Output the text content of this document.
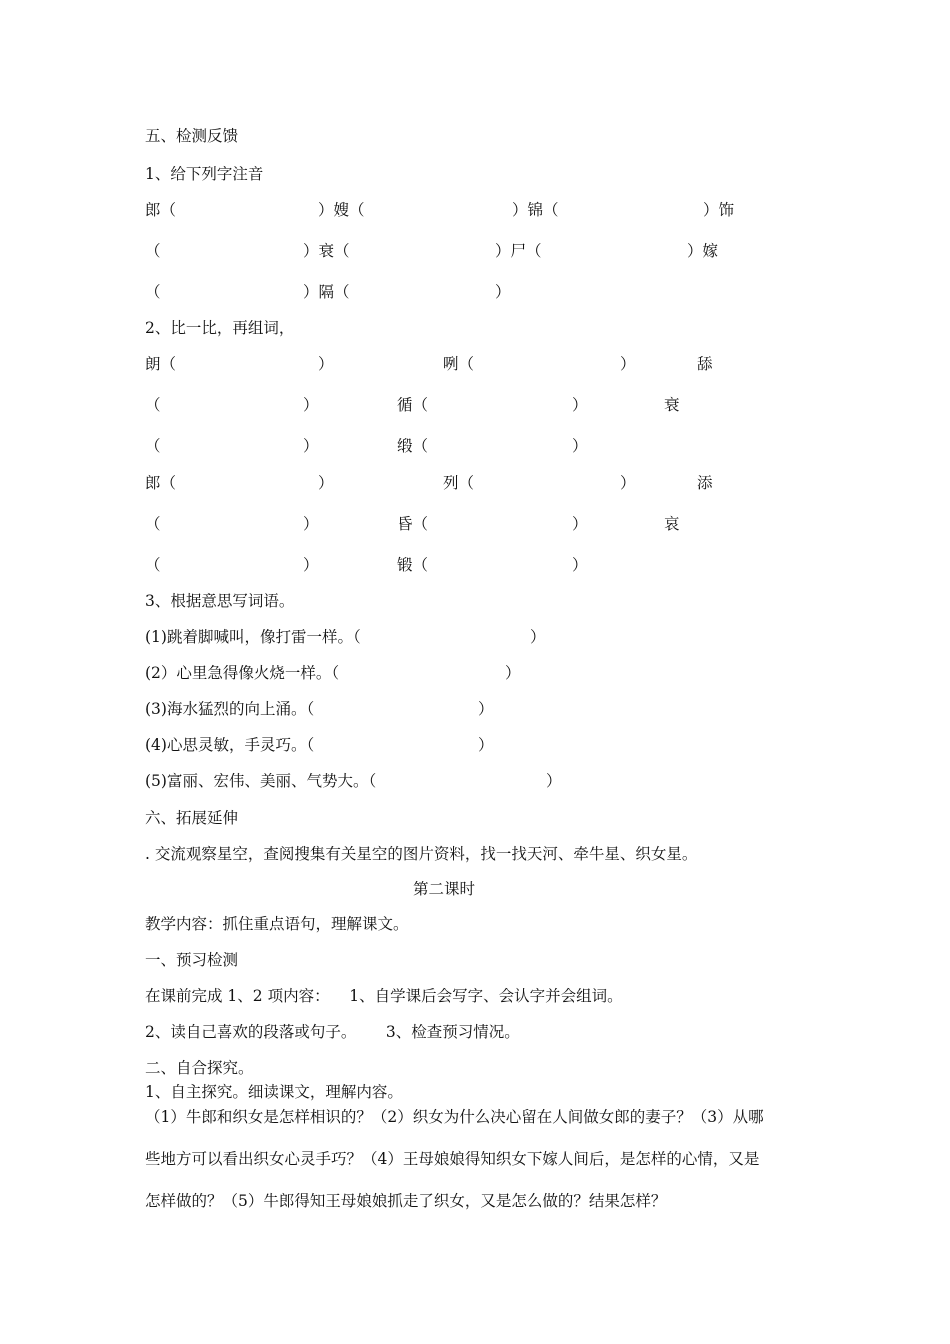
五、检测反馈
1、给下列字注音
郎（	）嫂（	）锦（	）饰
（	）衰（	）尸（	）嫁
（	）隔（	）
2、比一比，再组词，
朗（	）	咧（	）	舔
（	）	循（	）	衰
（	）	缎（	）
郎（	）	列（	）	添
（	）	昏（	）	哀
（	）	锻（	）
3、根据意思写词语。
(1)跳着脚喊叫，像打雷一样。（	）
(2）心里急得像火烧一样。（	）
(3)海水猛烈的向上涌。（	）
(4)心思灵敏，手灵巧。（	）
(5)富丽、宏伟、美丽、气势大。（	）
六、拓展延伸
. 交流观察星空，查阅搜集有关星空的图片资料，找一找天河、牵牛星、织女星。
第二课时
教学内容：抓住重点语句，理解课文。
一、预习检测
在课前完成 1、2 项内容：    1、自学课后会写字、会认字并会组词。
2、读自己喜欢的段落或句子。      3、检查预习情况。
二、自合探究。
1、自主探究。细读课文，理解内容。
（1）牛郎和织女是怎样相识的？（2）织女为什么决心留在人间做女郎的妻子？（3）从哪
些地方可以看出织女心灵手巧？（4）王母娘娘得知织女下嫁人间后，是怎样的心情，又是
怎样做的？（5）牛郎得知王母娘娘抓走了织女，又是怎么做的？结果怎样？
